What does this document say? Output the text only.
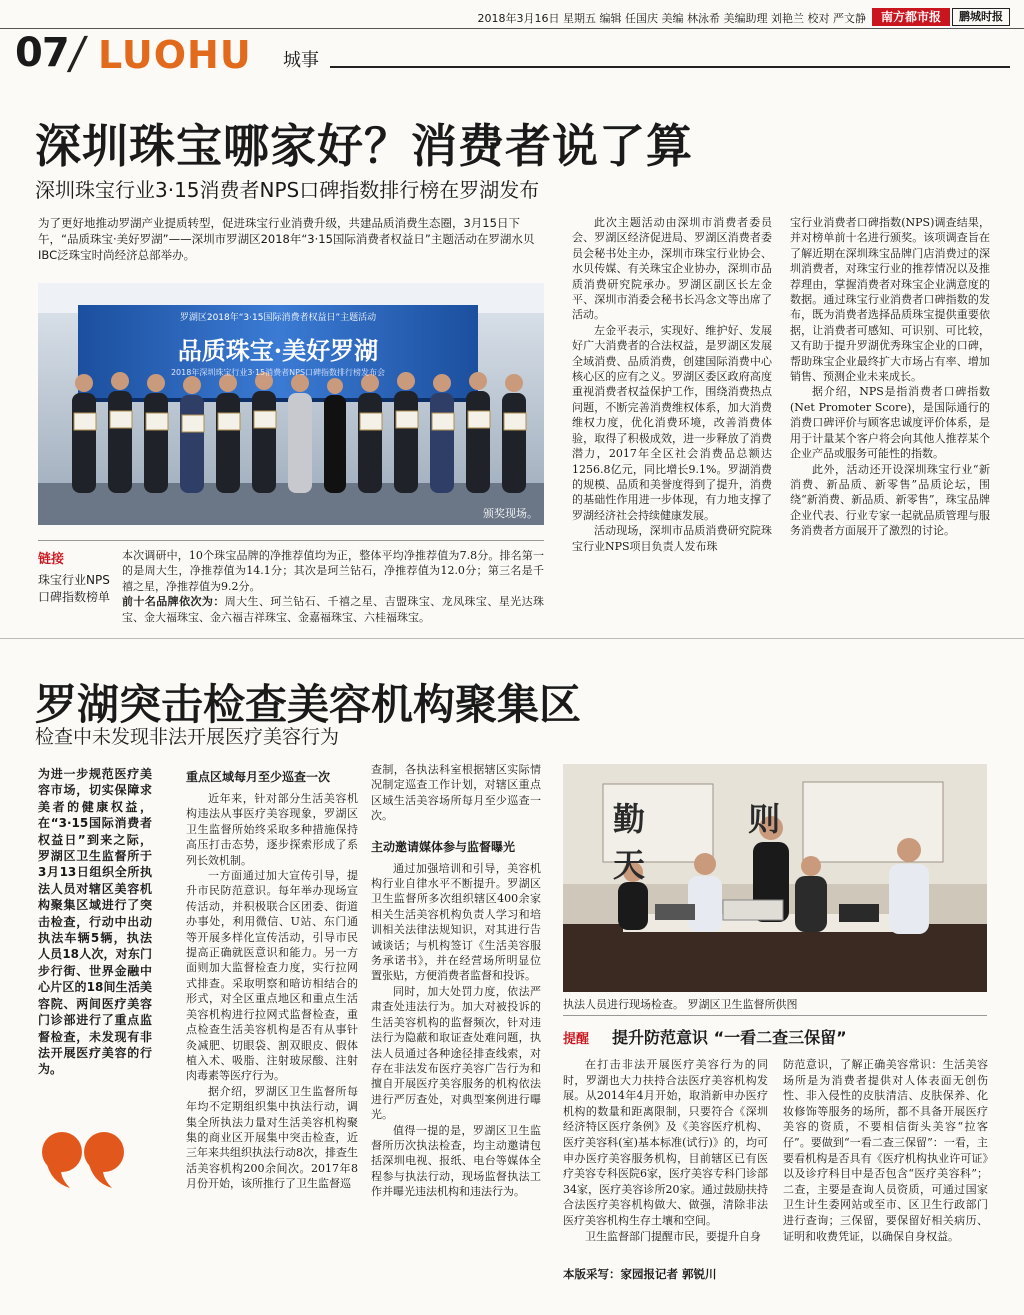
2018年3月16日 星期五 编辑 任国庆 美编 林泳希 美编助理 刘艳兰 校对 严文静	南方都市报	鹏城时报
07
/ LUOHU 城事
深圳珠宝哪家好？消费者说了算
深圳珠宝行业3·15消费者NPS口碑指数排行榜在罗湖发布
为了更好地推动罗湖产业提质转型，促进珠宝行业消费升级，共建品质消费生态圈，3月15日下午，“品质珠宝·美好罗湖”——深圳市罗湖区2018年“3·15国际消费者权益日”主题活动在罗湖水贝IBC泛珠宝时尚经济总部举办。
罗湖区2018年“3·15国际消费者权益日”主题活动
品质珠宝·美好罗湖
2018年深圳珠宝行业3·15消费者NPS口碑指数排行榜发布会
颁奖现场。

此次主题活动由深圳市消费者委员会、罗湖区经济促进局、罗湖区消费者委员会秘书处主办，深圳市珠宝行业协会、水贝传媒、有关珠宝企业协办，深圳市品质消费研究院承办。罗湖区副区长左金平、深圳市消委会秘书长冯念文等出席了活动。

左金平表示，实现好、维护好、发展好广大消费者的合法权益，是罗湖区发展全域消费、品质消费，创建国际消费中心核心区的应有之义。罗湖区委区政府高度重视消费者权益保护工作，围绕消费热点问题，不断完善消费维权体系，加大消费维权力度，优化消费环境，改善消费体验，取得了积极成效，进一步释放了消费潜力，2017年全区社会消费品总额达1256.8亿元，同比增长9.1%。罗湖消费的规模、品质和美誉度得到了提升，消费的基础性作用进一步体现，有力地支撑了罗湖经济社会持续健康发展。

活动现场，深圳市品质消费研究院珠宝行业NPS项目负责人发布珠

宝行业消费者口碑指数(NPS)调查结果，并对榜单前十名进行颁奖。该项调查旨在了解近期在深圳珠宝品牌门店消费过的深圳消费者，对珠宝行业的推荐情况以及推荐理由，掌握消费者对珠宝企业满意度的数据。通过珠宝行业消费者口碑指数的发布，既为消费者选择品质珠宝提供重要依据，让消费者可感知、可识别、可比较，又有助于提升罗湖优秀珠宝企业的口碑，帮助珠宝企业最终扩大市场占有率、增加销售、预测企业未来成长。

据介绍，NPS是指消费者口碑指数(Net Promoter Score)，是国际通行的消费口碑评价与顾客忠诚度评价体系，是用于计量某个客户将会向其他人推荐某个企业产品或服务可能性的指数。

此外，活动还开设深圳珠宝行业“新消费、新品质、新零售”品质论坛，围绕“新消费、新品质、新零售”，珠宝品牌企业代表、行业专家一起就品质管理与服务消费者方面展开了激烈的讨论。

链接
珠宝行业NPS口碑指数榜单

本次调研中，10个珠宝品牌的净推荐值均为正，整体平均净推荐值为7.8分。排名第一的是周大生，净推荐值为14.1分；其次是珂兰钻石，净推荐值为12.0分；第三名是千禧之星，净推荐值为9.2分。

前十名品牌依次为：周大生、珂兰钻石、千禧之星、吉盟珠宝、龙凤珠宝、星光达珠宝、金大福珠宝、金六福吉祥珠宝、金嘉福珠宝、六桂福珠宝。

罗湖突击检查美容机构聚集区
检查中未发现非法开展医疗美容行为
为进一步规范医疗美容市场，切实保障求美者的健康权益，在“3·15国际消费者权益日”到来之际，罗湖区卫生监督所于3月13日组织全所执法人员对辖区美容机构聚集区域进行了突击检查，行动中出动执法车辆5辆，执法人员18人次，对东门步行街、世界金融中心片区的18间生活美容院、两间医疗美容门诊部进行了重点监督检查，未发现有非法开展医疗美容的行为。
重点区域每月至少巡查一次

近年来，针对部分生活美容机构违法从事医疗美容现象，罗湖区卫生监督所始终采取多种措施保持高压打击态势，逐步探索形成了系列长效机制。

一方面通过加大宣传引导，提升市民防范意识。每年举办现场宣传活动，并积极联合区团委、街道办事处，利用微信、U站、东门通等开展多样化宣传活动，引导市民提高正确就医意识和能力。另一方面则加大监督检查力度，实行拉网式排查。采取明察和暗访相结合的形式，对全区重点地区和重点生活美容机构进行拉网式监督检查，重点检查生活美容机构是否有从事针灸减肥、切眼袋、割双眼皮、假体植入术、吸脂、注射玻尿酸、注射肉毒素等医疗行为。

据介绍，罗湖区卫生监督所每年均不定期组织集中执法行动，调集全所执法力量对生活美容机构聚集的商业区开展集中突击检查，近三年来共组织执法行动8次，排查生活美容机构200余间次。2017年8月份开始，该所推行了卫生监督巡

查制，各执法科室根据辖区实际情况制定巡查工作计划，对辖区重点区域生活美容场所每月至少巡查一次。

主动邀请媒体参与监督曝光

通过加强培训和引导，美容机构行业自律水平不断提升。罗湖区卫生监督所多次组织辖区400余家相关生活美容机构负责人学习和培训相关法律法规知识，对其进行告诫谈话；与机构签订《生活美容服务承诺书》，并在经营场所明显位置张贴，方便消费者监督和投诉。

同时，加大处罚力度，依法严肃查处违法行为。加大对被投诉的生活美容机构的监督频次，针对违法行为隐蔽和取证查处难问题，执法人员通过各种途径排查线索，对存在非法发布医疗美容广告行为和擅自开展医疗美容服务的机构依法进行严厉查处，对典型案例进行曝光。

值得一提的是，罗湖区卫生监督所历次执法检查，均主动邀请包括深圳电视、报纸、电台等媒体全程参与执法行动，现场监督执法工作并曝光违法机构和违法行为。

勤 则 天
执法人员进行现场检查。 罗湖区卫生监督所供图
提醒 提升防范意识 “一看二查三保留”

在打击非法开展医疗美容行为的同时，罗湖也大力扶持合法医疗美容机构发展。从2014年4月开始，取消新申办医疗机构的数量和距离限制，只要符合《深圳经济特区医疗条例》及《美容医疗机构、医疗美容科(室)基本标准(试行)》的，均可申办医疗美容服务机构，目前辖区已有医疗美容专科医院6家，医疗美容专科门诊部34家，医疗美容诊所20家。通过鼓励扶持合法医疗美容机构做大、做强，清除非法医疗美容机构生存土壤和空间。

卫生监督部门提醒市民，要提升自身

防范意识，了解正确美容常识：生活美容场所是为消费者提供对人体表面无创伤性、非入侵性的皮肤清洁、皮肤保养、化妆修饰等服务的场所，都不具备开展医疗美容的资质，不要相信街头美容“拉客仔”。要做到“一看二查三保留”：一看，主要看机构是否具有《医疗机构执业许可证》以及诊疗科目中是否包含“医疗美容科”；二查，主要是查询人员资质，可通过国家卫生计生委网站或至市、区卫生行政部门进行查询；三保留，要保留好相关病历、证明和收费凭证，以确保自身权益。

本版采写：家园报记者 郭锐川
